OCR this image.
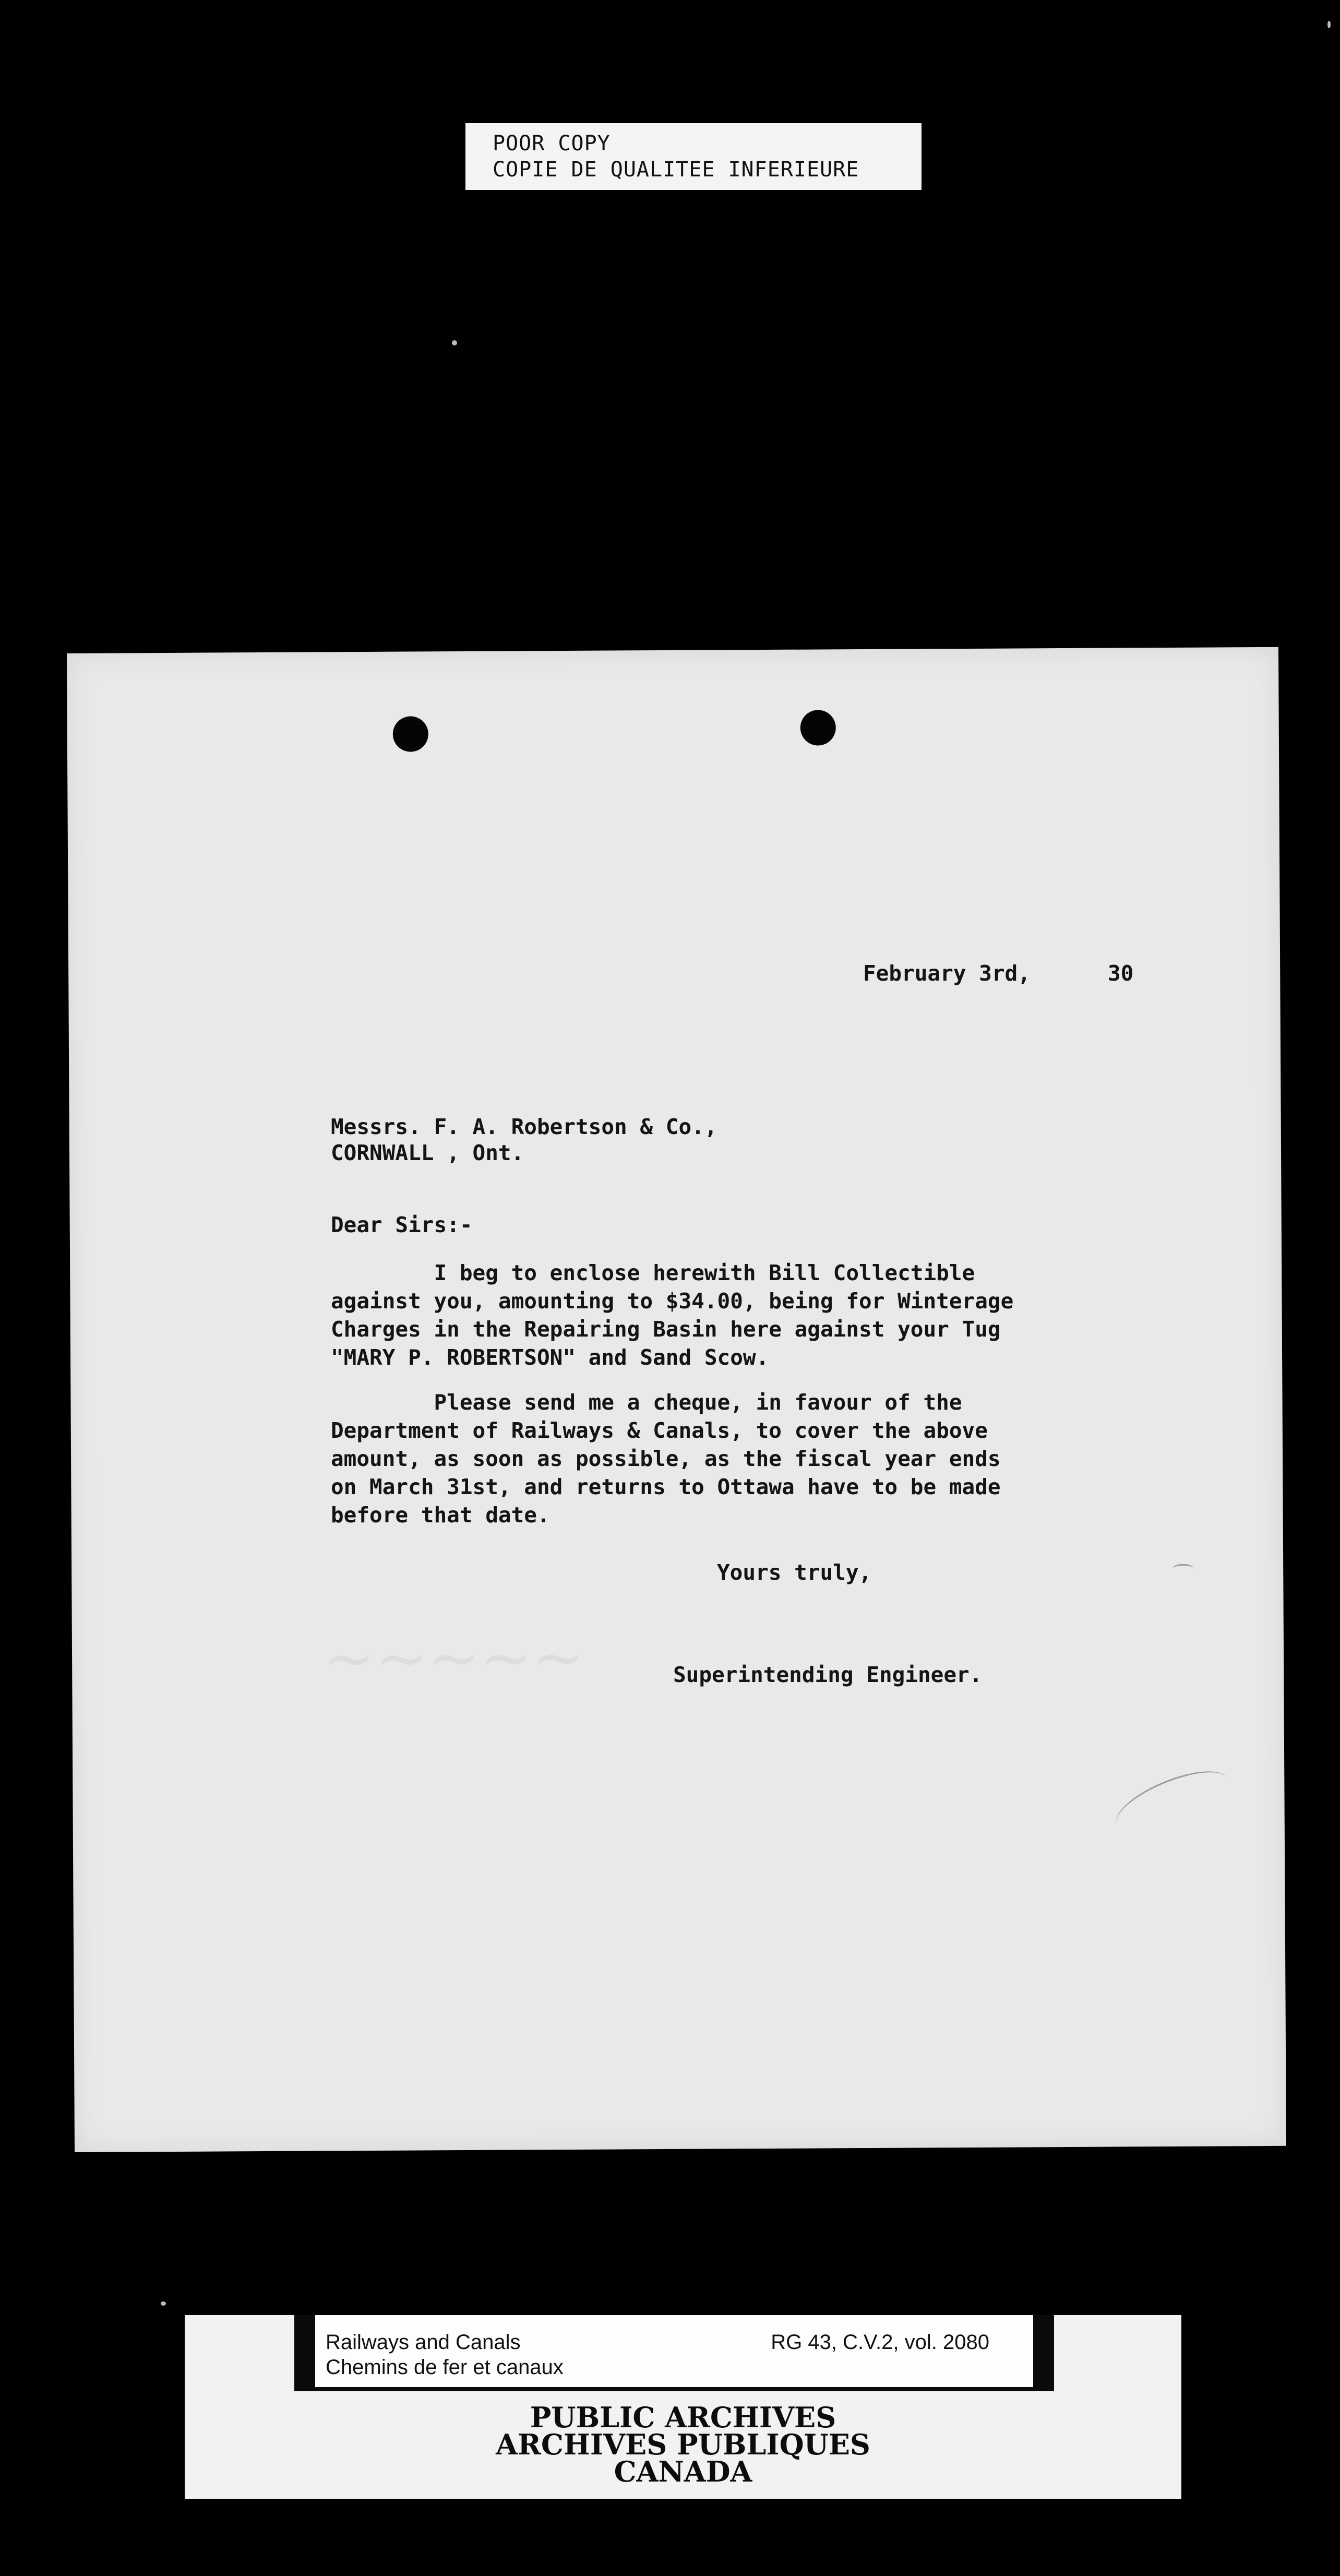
POOR COPY
COPIE DE QUALITEE INFERIEURE
~~~~~
February 3rd,      30
Messrs. F. A. Robertson & Co.,
CORNWALL , Ont.
Dear Sirs:-
I beg to enclose herewith Bill Collectible
against you, amounting to $34.00, being for Winterage
Charges in the Repairing Basin here against your Tug
"MARY P. ROBERTSON" and Sand Scow.
Please send me a cheque, in favour of the
Department of Railways & Canals, to cover the above
amount, as soon as possible, as the fiscal year ends
on March 31st, and returns to Ottawa have to be made
before that date.
Yours truly,
Superintending Engineer.
Railways and Canals
Chemins de fer et canaux
RG 43, C.V.2, vol. 2080
PUBLIC ARCHIVES
ARCHIVES PUBLIQUES
CANADA
